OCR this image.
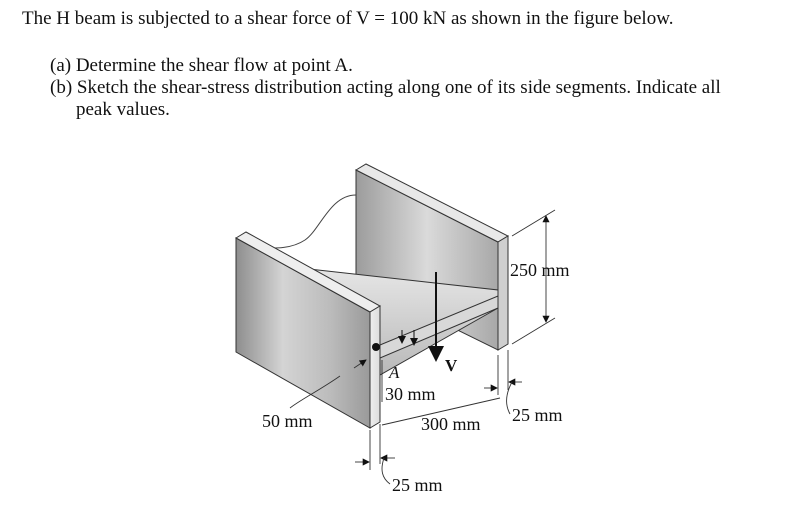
The H beam is subjected to a shear force of V = 100 kN as shown in the figure below.
(a) Determine the shear flow at point A.
(b) Sketch the shear-stress distribution acting along one of its side segments. Indicate all
peak values.
250 mm
50 mm
A	V
30 mm
300 mm 25 mm
25 mm
